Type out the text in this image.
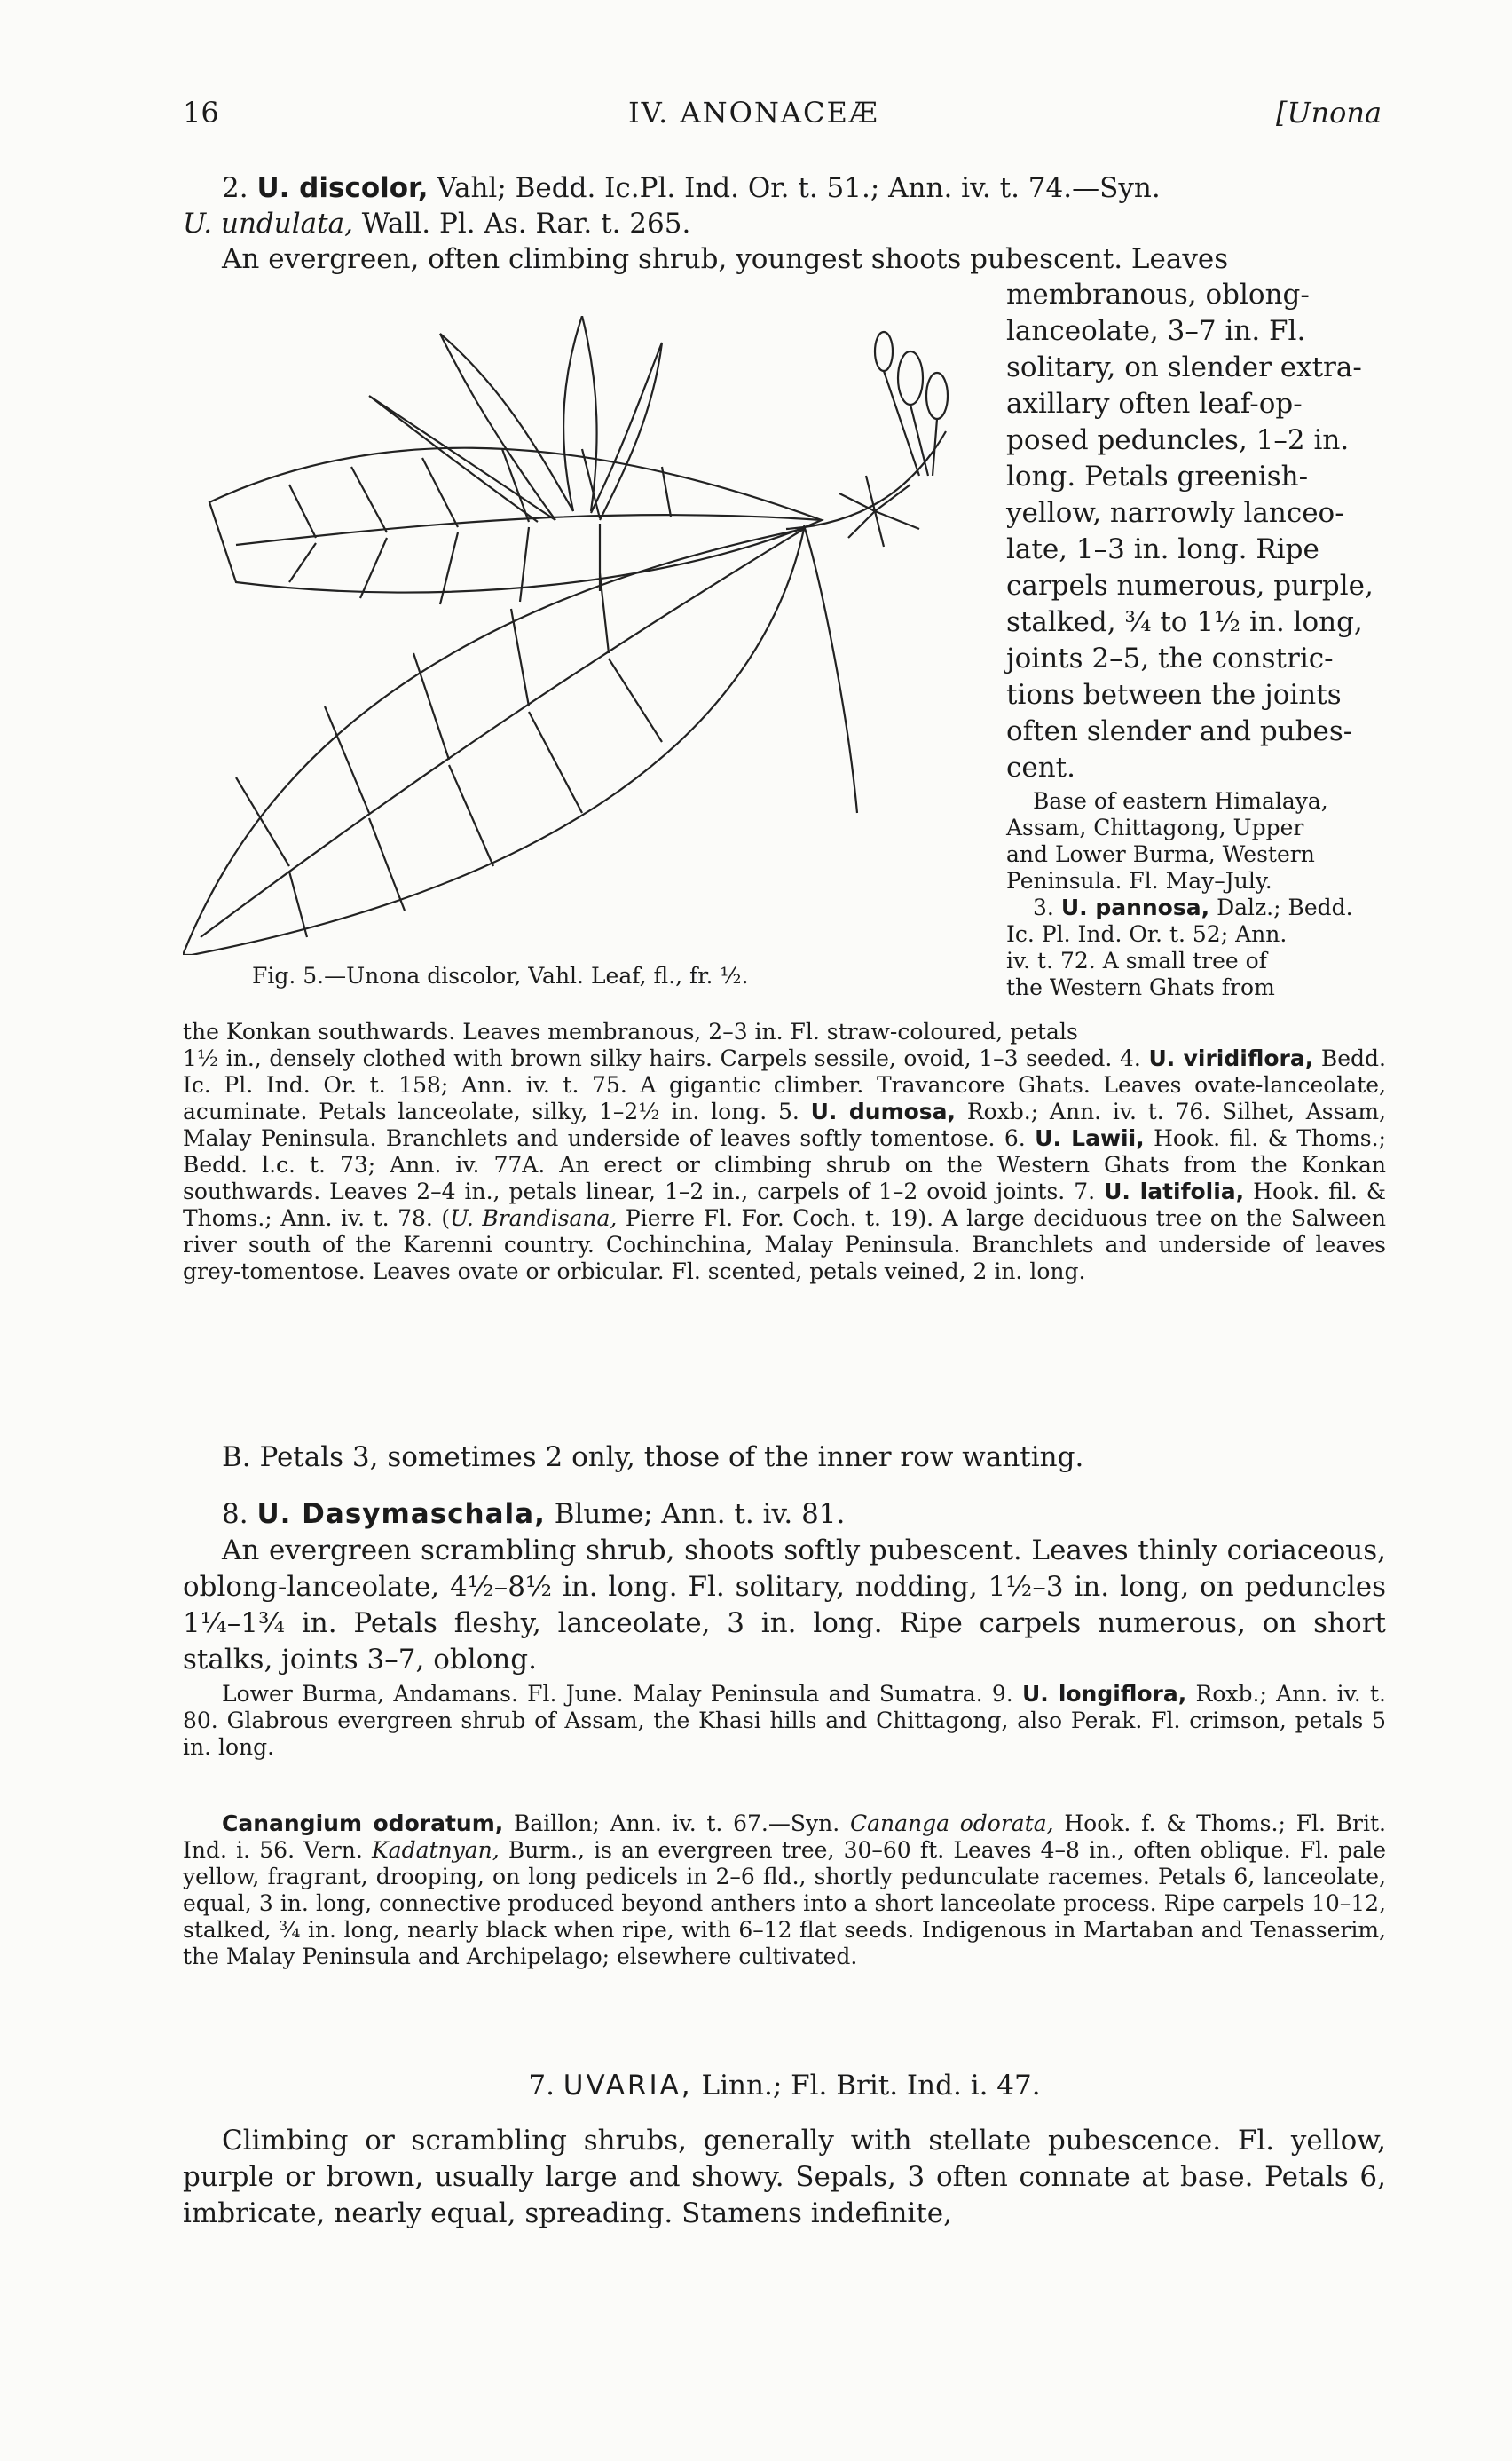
16	IV. ANONACEÆ	[Unona
2. U. discolor, Vahl; Bedd. Ic.Pl. Ind. Or. t. 51.; Ann. iv. t. 74.—Syn.
U. undulata, Wall. Pl. As. Rar. t. 265.
An evergreen, often climbing shrub, youngest shoots pubescent. Leaves
membranous, oblong-
lanceolate, 3–7 in. Fl.
solitary, on slender extra-
axillary often leaf-op-
posed peduncles, 1–2 in.
long. Petals greenish-
yellow, narrowly lanceo-
late, 1–3 in. long. Ripe
carpels numerous, purple,
stalked, ¾ to 1½ in. long,
joints 2–5, the constric-
tions between the joints
often slender and pubes-
cent.
Base of eastern Himalaya,
Assam, Chittagong, Upper
and Lower Burma, Western
Peninsula. Fl. May–July.
3. U. pannosa, Dalz.; Bedd.
Ic. Pl. Ind. Or. t. 52; Ann.
iv. t. 72. A small tree of
the Western Ghats from
Fig. 5.—Unona discolor, Vahl. Leaf, fl., fr. ½.
the Konkan southwards. Leaves membranous, 2–3 in. Fl. straw-coloured, petals
1½ in., densely clothed with brown silky hairs. Carpels sessile, ovoid, 1–3 seeded. 4. U. viridiflora, Bedd. Ic. Pl. Ind. Or. t. 158; Ann. iv. t. 75. A gigantic climber. Travancore Ghats. Leaves ovate-lanceolate, acuminate. Petals lanceolate, silky, 1–2½ in. long. 5. U. dumosa, Roxb.; Ann. iv. t. 76. Silhet, Assam, Malay Peninsula. Branchlets and underside of leaves softly tomentose. 6. U. Lawii, Hook. fil. & Thoms.; Bedd. l.c. t. 73; Ann. iv. 77A. An erect or climbing shrub on the Western Ghats from the Konkan southwards. Leaves 2–4 in., petals linear, 1–2 in., carpels of 1–2 ovoid joints. 7. U. latifolia, Hook. fil. & Thoms.; Ann. iv. t. 78. (U. Brandisana, Pierre Fl. For. Coch. t. 19). A large deciduous tree on the Salween river south of the Karenni country. Cochinchina, Malay Peninsula. Branchlets and underside of leaves grey-tomentose. Leaves ovate or orbicular. Fl. scented, petals veined, 2 in. long.
B. Petals 3, sometimes 2 only, those of the inner row wanting.
8. U. Dasymaschala, Blume; Ann. t. iv. 81.
An evergreen scrambling shrub, shoots softly pubescent. Leaves thinly coriaceous, oblong-lanceolate, 4½–8½ in. long. Fl. solitary, nodding, 1½–3 in. long, on peduncles 1¼–1¾ in. Petals fleshy, lanceolate, 3 in. long. Ripe carpels numerous, on short stalks, joints 3–7, oblong.
Lower Burma, Andamans. Fl. June. Malay Peninsula and Sumatra. 9. U. longiflora, Roxb.; Ann. iv. t. 80. Glabrous evergreen shrub of Assam, the Khasi hills and Chittagong, also Perak. Fl. crimson, petals 5 in. long.
Canangium odoratum, Baillon; Ann. iv. t. 67.—Syn. Cananga odorata, Hook. f. & Thoms.; Fl. Brit. Ind. i. 56. Vern. Kadatnyan, Burm., is an evergreen tree, 30–60 ft. Leaves 4–8 in., often oblique. Fl. pale yellow, fragrant, drooping, on long pedicels in 2–6 fld., shortly pedunculate racemes. Petals 6, lanceolate, equal, 3 in. long, connective produced beyond anthers into a short lanceolate process. Ripe carpels 10–12, stalked, ¾ in. long, nearly black when ripe, with 6–12 flat seeds. Indigenous in Martaban and Tenasserim, the Malay Peninsula and Archipelago; elsewhere cultivated.
7. UVARIA, Linn.; Fl. Brit. Ind. i. 47.
Climbing or scrambling shrubs, generally with stellate pubescence. Fl. yellow, purple or brown, usually large and showy. Sepals, 3 often connate at base. Petals 6, imbricate, nearly equal, spreading. Stamens indefinite,
